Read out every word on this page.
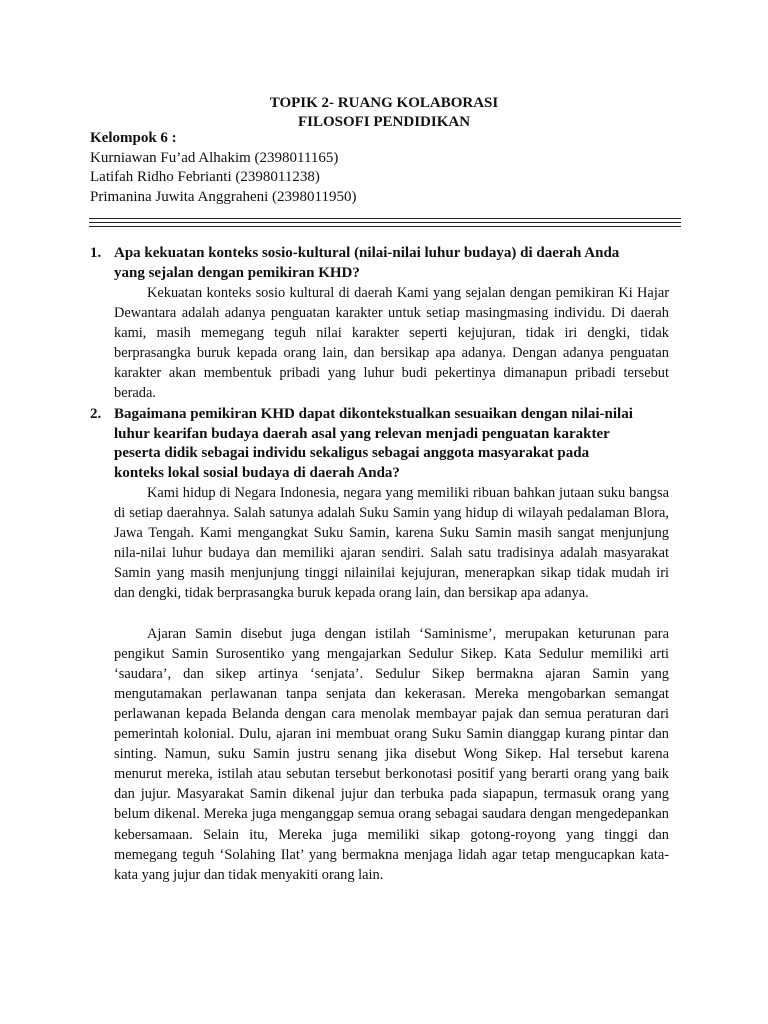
TOPIK 2- RUANG KOLABORASI
FILOSOFI PENDIDIKAN
Kelompok 6 :
Kurniawan Fu’ad Alhakim (2398011165)
Latifah Ridho Febrianti (2398011238)
Primanina Juwita Anggraheni (2398011950)
1. Apa kekuatan konteks sosio-kultural (nilai-nilai luhur budaya) di daerah Anda
yang sejalan dengan pemikiran KHD?

Kekuatan konteks sosio kultural di daerah Kami yang sejalan dengan pemikiran Ki Hajar Dewantara adalah adanya penguatan karakter untuk setiap masingmasing individu. Di daerah kami, masih memegang teguh nilai karakter seperti kejujuran, tidak iri dengki, tidak berprasangka buruk kepada orang lain, dan bersikap apa adanya. Dengan adanya penguatan karakter akan membentuk pribadi yang luhur budi pekertinya dimanapun pribadi tersebut berada.

2. Bagaimana pemikiran KHD dapat dikontekstualkan sesuaikan dengan nilai-nilai
luhur kearifan budaya daerah asal yang relevan menjadi penguatan karakter
peserta didik sebagai individu sekaligus sebagai anggota masyarakat pada
konteks lokal sosial budaya di daerah Anda?

Kami hidup di Negara Indonesia, negara yang memiliki ribuan bahkan jutaan suku bangsa di setiap daerahnya. Salah satunya adalah Suku Samin yang hidup di wilayah pedalaman Blora, Jawa Tengah. Kami mengangkat Suku Samin, karena Suku Samin masih sangat menjunjung nila-nilai luhur budaya dan memiliki ajaran sendiri. Salah satu tradisinya adalah masyarakat Samin yang masih menjunjung tinggi nilainilai kejujuran, menerapkan sikap tidak mudah iri dan dengki, tidak berprasangka buruk kepada orang lain, dan bersikap apa adanya.

Ajaran Samin disebut juga dengan istilah ‘Saminisme’, merupakan keturunan para pengikut Samin Surosentiko yang mengajarkan Sedulur Sikep. Kata Sedulur memiliki arti ‘saudara’, dan sikep artinya ‘senjata’. Sedulur Sikep bermakna ajaran Samin yang mengutamakan perlawanan tanpa senjata dan kekerasan. Mereka mengobarkan semangat perlawanan kepada Belanda dengan cara menolak membayar pajak dan semua peraturan dari pemerintah kolonial. Dulu, ajaran ini membuat orang Suku Samin dianggap kurang pintar dan sinting. Namun, suku Samin justru senang jika disebut Wong Sikep. Hal tersebut karena menurut mereka, istilah atau sebutan tersebut berkonotasi positif yang berarti orang yang baik dan jujur. Masyarakat Samin dikenal jujur dan terbuka pada siapapun, termasuk orang yang belum dikenal. Mereka juga menganggap semua orang sebagai saudara dengan mengedepankan kebersamaan. Selain itu, Mereka juga memiliki sikap gotong-royong yang tinggi dan memegang teguh ‘Solahing Ilat’ yang bermakna menjaga lidah agar tetap mengucapkan kata-kata yang jujur dan tidak menyakiti orang lain.
